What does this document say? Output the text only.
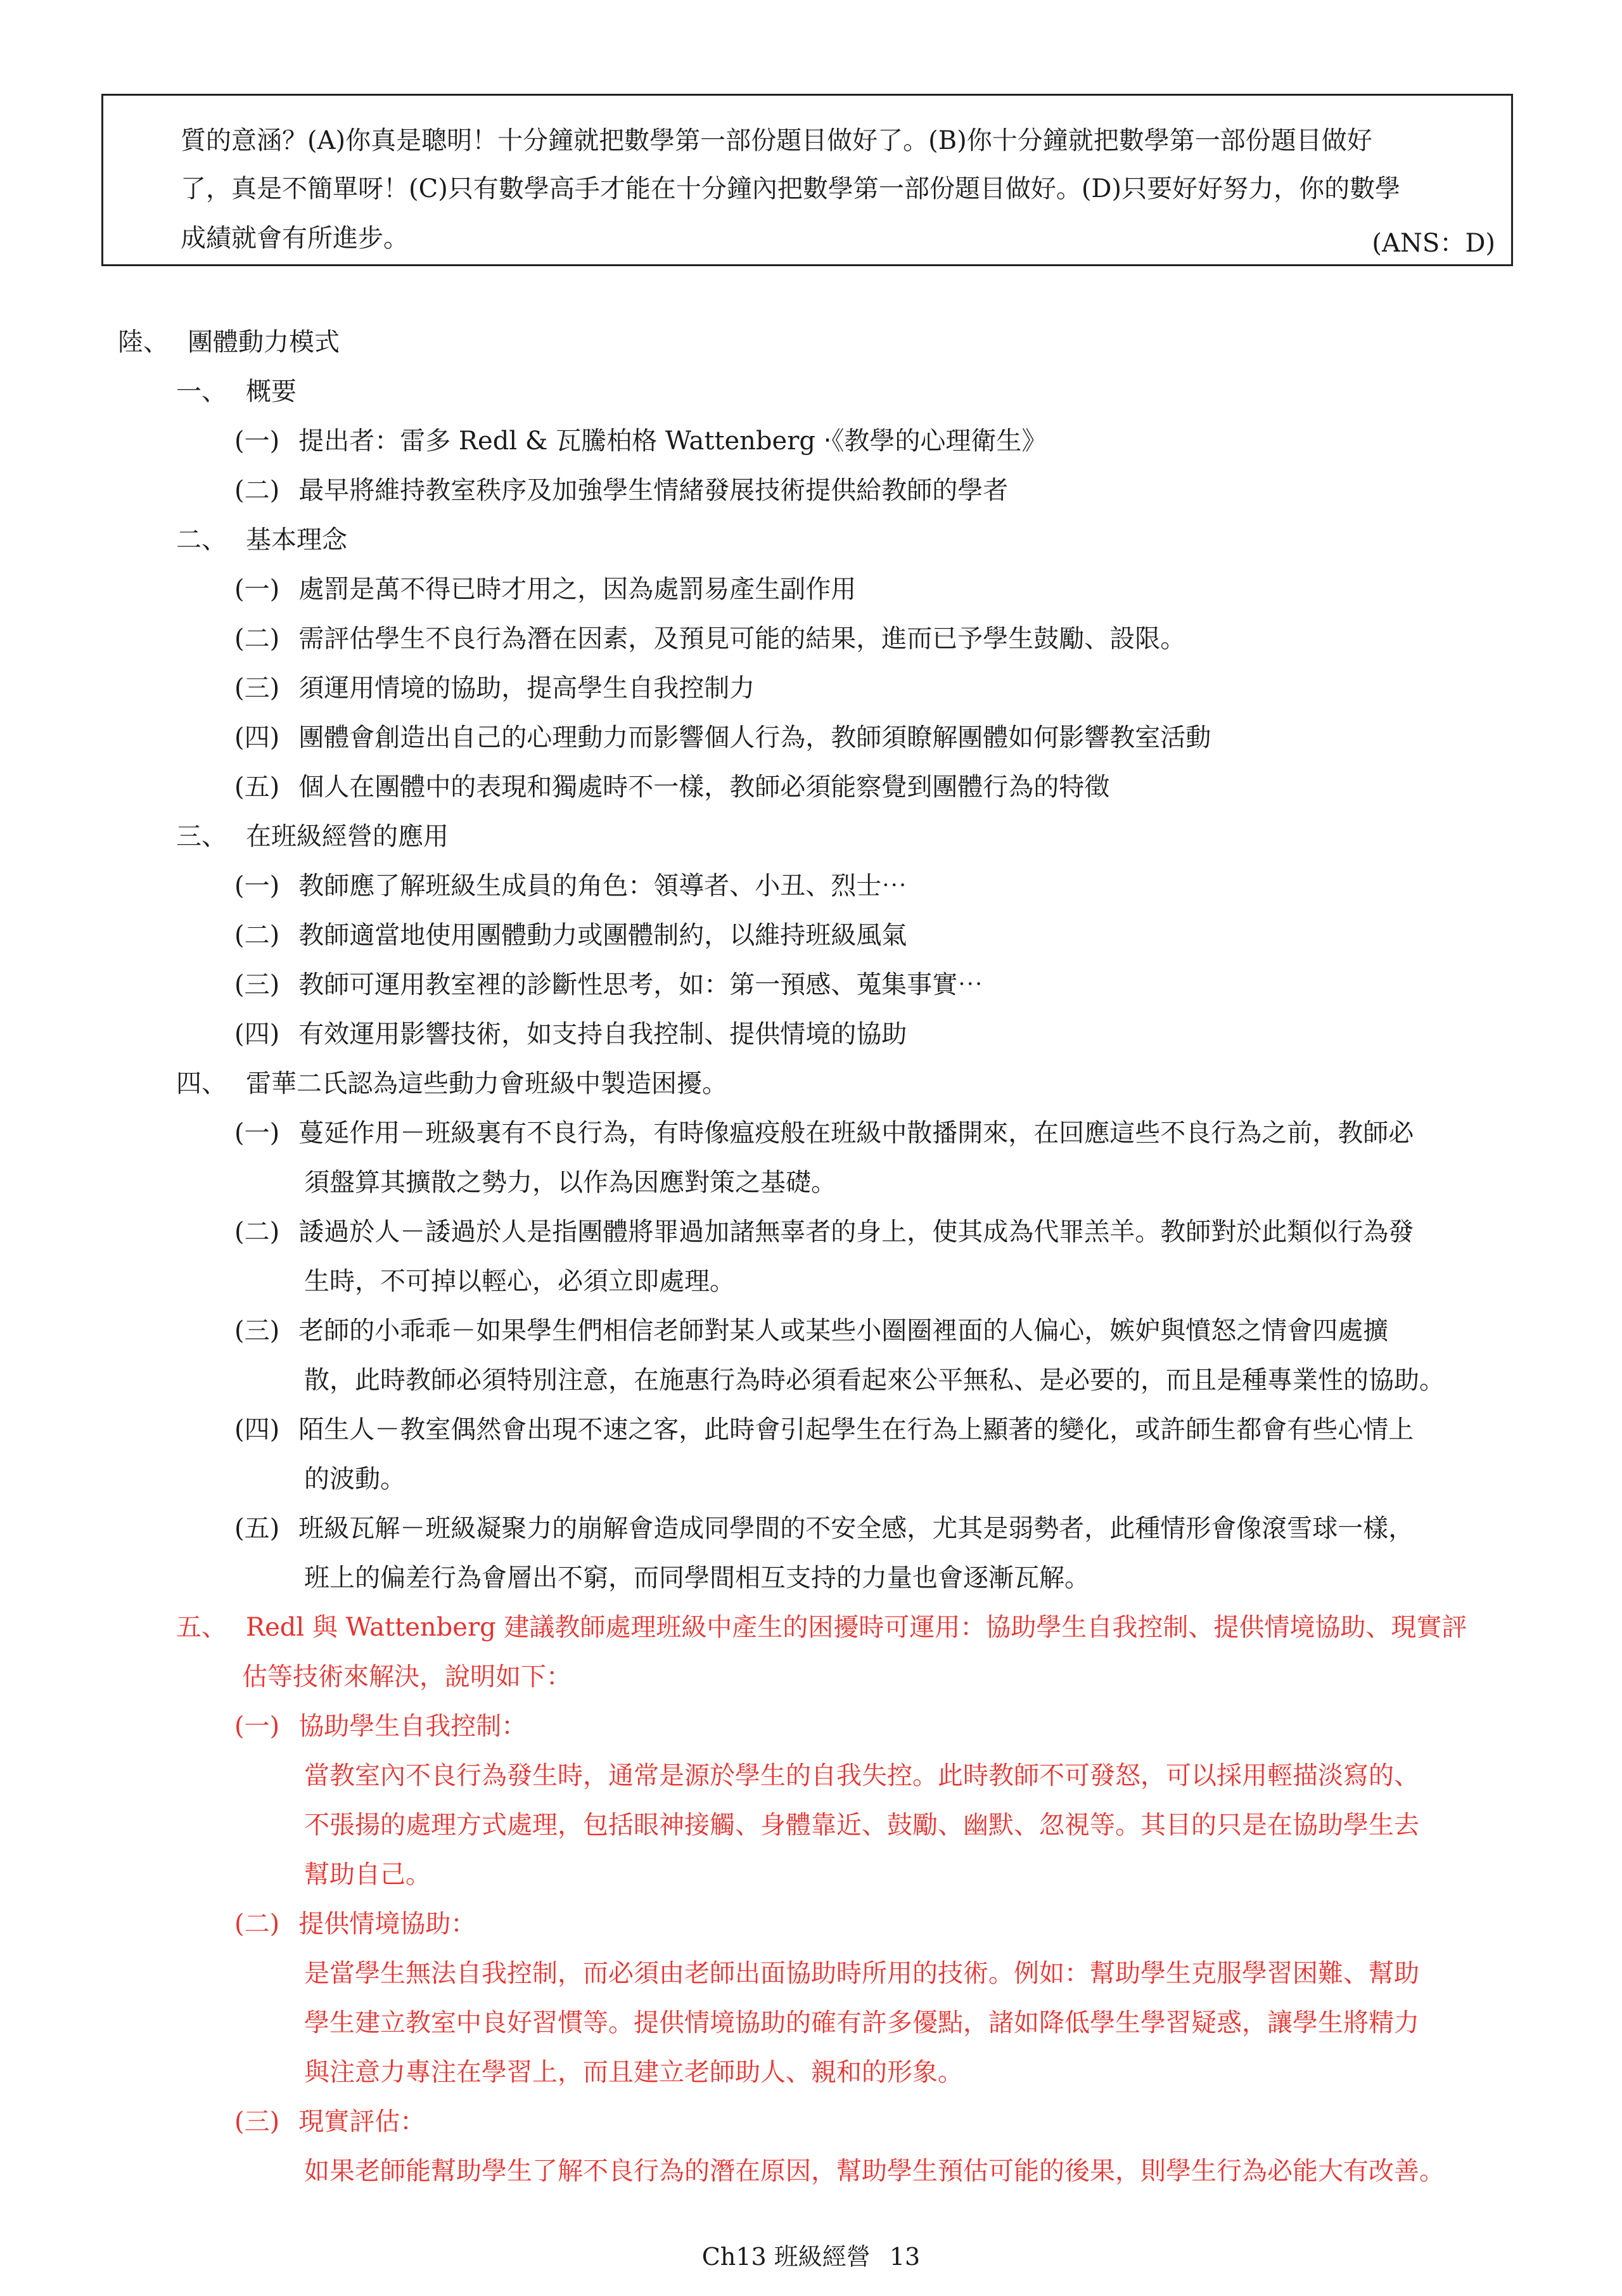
質的意涵？(A)你真是聰明！十分鐘就把數學第一部份題目做好了。(B)你十分鐘就把數學第一部份題目做好
了，真是不簡單呀！(C)只有數學高手才能在十分鐘內把數學第一部份題目做好。(D)只要好好努力，你的數學
成績就會有所進步。	(ANS：D)
陸、 團體動力模式
一、 概要
(一) 提出者：雷多 Redl & 瓦騰柏格 Wattenberg ‧《教學的心理衛生》
(二) 最早將維持教室秩序及加強學生情緒發展技術提供給教師的學者
二、 基本理念
(一) 處罰是萬不得已時才用之，因為處罰易產生副作用
(二) 需評估學生不良行為潛在因素，及預見可能的結果，進而已予學生鼓勵、設限。
(三) 須運用情境的協助，提高學生自我控制力
(四) 團體會創造出自己的心理動力而影響個人行為，教師須瞭解團體如何影響教室活動
(五) 個人在團體中的表現和獨處時不一樣，教師必須能察覺到團體行為的特徵
三、 在班級經營的應用
(一) 教師應了解班級生成員的角色：領導者、小丑、烈士⋯
(二) 教師適當地使用團體動力或團體制約，以維持班級風氣
(三) 教師可運用教室裡的診斷性思考，如：第一預感、蒐集事實⋯
(四) 有效運用影響技術，如支持自我控制、提供情境的協助
四、 雷華二氏認為這些動力會班級中製造困擾。
(一) 蔓延作用－班級裏有不良行為，有時像瘟疫般在班級中散播開來，在回應這些不良行為之前，教師必
須盤算其擴散之勢力，以作為因應對策之基礎。
(二) 諉過於人－諉過於人是指團體將罪過加諸無辜者的身上，使其成為代罪羔羊。教師對於此類似行為發
生時，不可掉以輕心，必須立即處理。
(三) 老師的小乖乖－如果學生們相信老師對某人或某些小圈圈裡面的人偏心，嫉妒與憤怒之情會四處擴
散，此時教師必須特別注意，在施惠行為時必須看起來公平無私、是必要的，而且是種專業性的協助。
(四) 陌生人－教室偶然會出現不速之客，此時會引起學生在行為上顯著的變化，或許師生都會有些心情上
的波動。
(五) 班級瓦解－班級凝聚力的崩解會造成同學間的不安全感，尤其是弱勢者，此種情形會像滾雪球一樣，
班上的偏差行為會層出不窮，而同學間相互支持的力量也會逐漸瓦解。
五、 Redl 與 Wattenberg 建議教師處理班級中產生的困擾時可運用：協助學生自我控制、提供情境協助、現實評
估等技術來解決，說明如下：
(一) 協助學生自我控制：
當教室內不良行為發生時，通常是源於學生的自我失控。此時教師不可發怒，可以採用輕描淡寫的、
不張揚的處理方式處理，包括眼神接觸、身體靠近、鼓勵、幽默、忽視等。其目的只是在協助學生去
幫助自己。
(二) 提供情境協助：
是當學生無法自我控制，而必須由老師出面協助時所用的技術。例如：幫助學生克服學習困難、幫助
學生建立教室中良好習慣等。提供情境協助的確有許多優點，諸如降低學生學習疑惑，讓學生將精力
與注意力專注在學習上，而且建立老師助人、親和的形象。
(三) 現實評估：
如果老師能幫助學生了解不良行為的潛在原因，幫助學生預估可能的後果，則學生行為必能大有改善。
Ch13 班級經營 13
